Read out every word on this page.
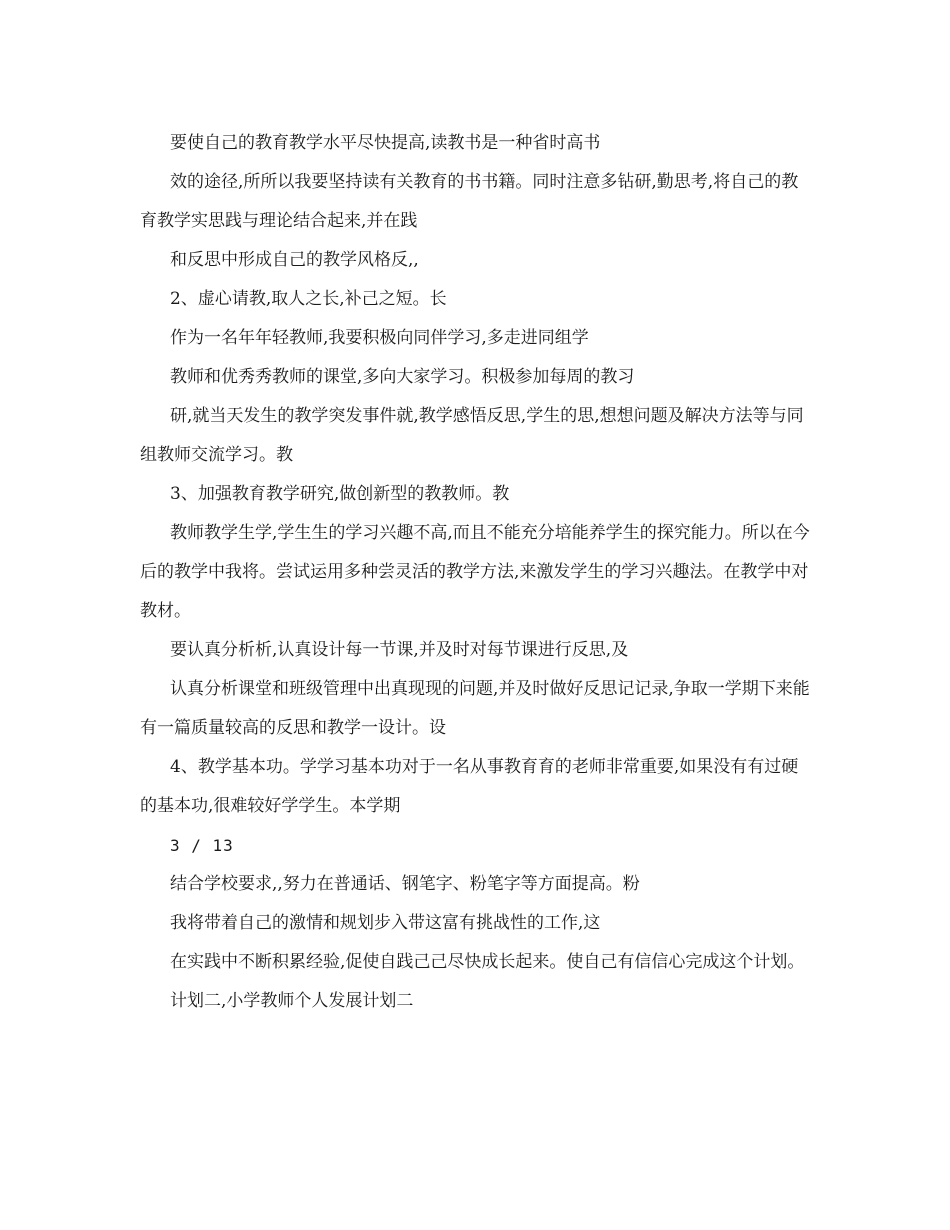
要使自己的教育教学水平尽快提高,读教书是一种省时高书

效的途径,所所以我要坚持读有关教育的书书籍。同时注意多钻研,勤思考,将自己的教育教学实思践与理论结合起来,并在践

和反思中形成自己的教学风格反,,

2、虚心请教,取人之长,补己之短。长

作为一名年年轻教师,我要积极向同伴学习,多走进同组学

教师和优秀秀教师的课堂,多向大家学习。积极参加每周的教习

研,就当天发生的教学突发事件就,教学感悟反思,学生的思,想想问题及解决方法等与同组教师交流学习。教

3、加强教育教学研究,做创新型的教教师。教

教师教学生学,学生生的学习兴趣不高,而且不能充分培能养学生的探究能力。所以在今后的教学中我将。尝试运用多种尝灵活的教学方法,来激发学生的学习兴趣法。在教学中对教材。

要认真分析析,认真设计每一节课,并及时对每节课进行反思,及

认真分析课堂和班级管理中出真现现的问题,并及时做好反思记记录,争取一学期下来能有一篇质量较高的反思和教学一设计。设

4、教学基本功。学学习基本功对于一名从事教育育的老师非常重要,如果没有有过硬的基本功,很难较好学学生。本学期

3 / 13

结合学校要求,,努力在普通话、钢笔字、粉笔字等方面提高。粉

我将带着自己的激情和规划步入带这富有挑战性的工作,这

在实践中不断积累经验,促使自践己己尽快成长起来。使自己有信信心完成这个计划。

计划二,小学教师个人发展计划二
